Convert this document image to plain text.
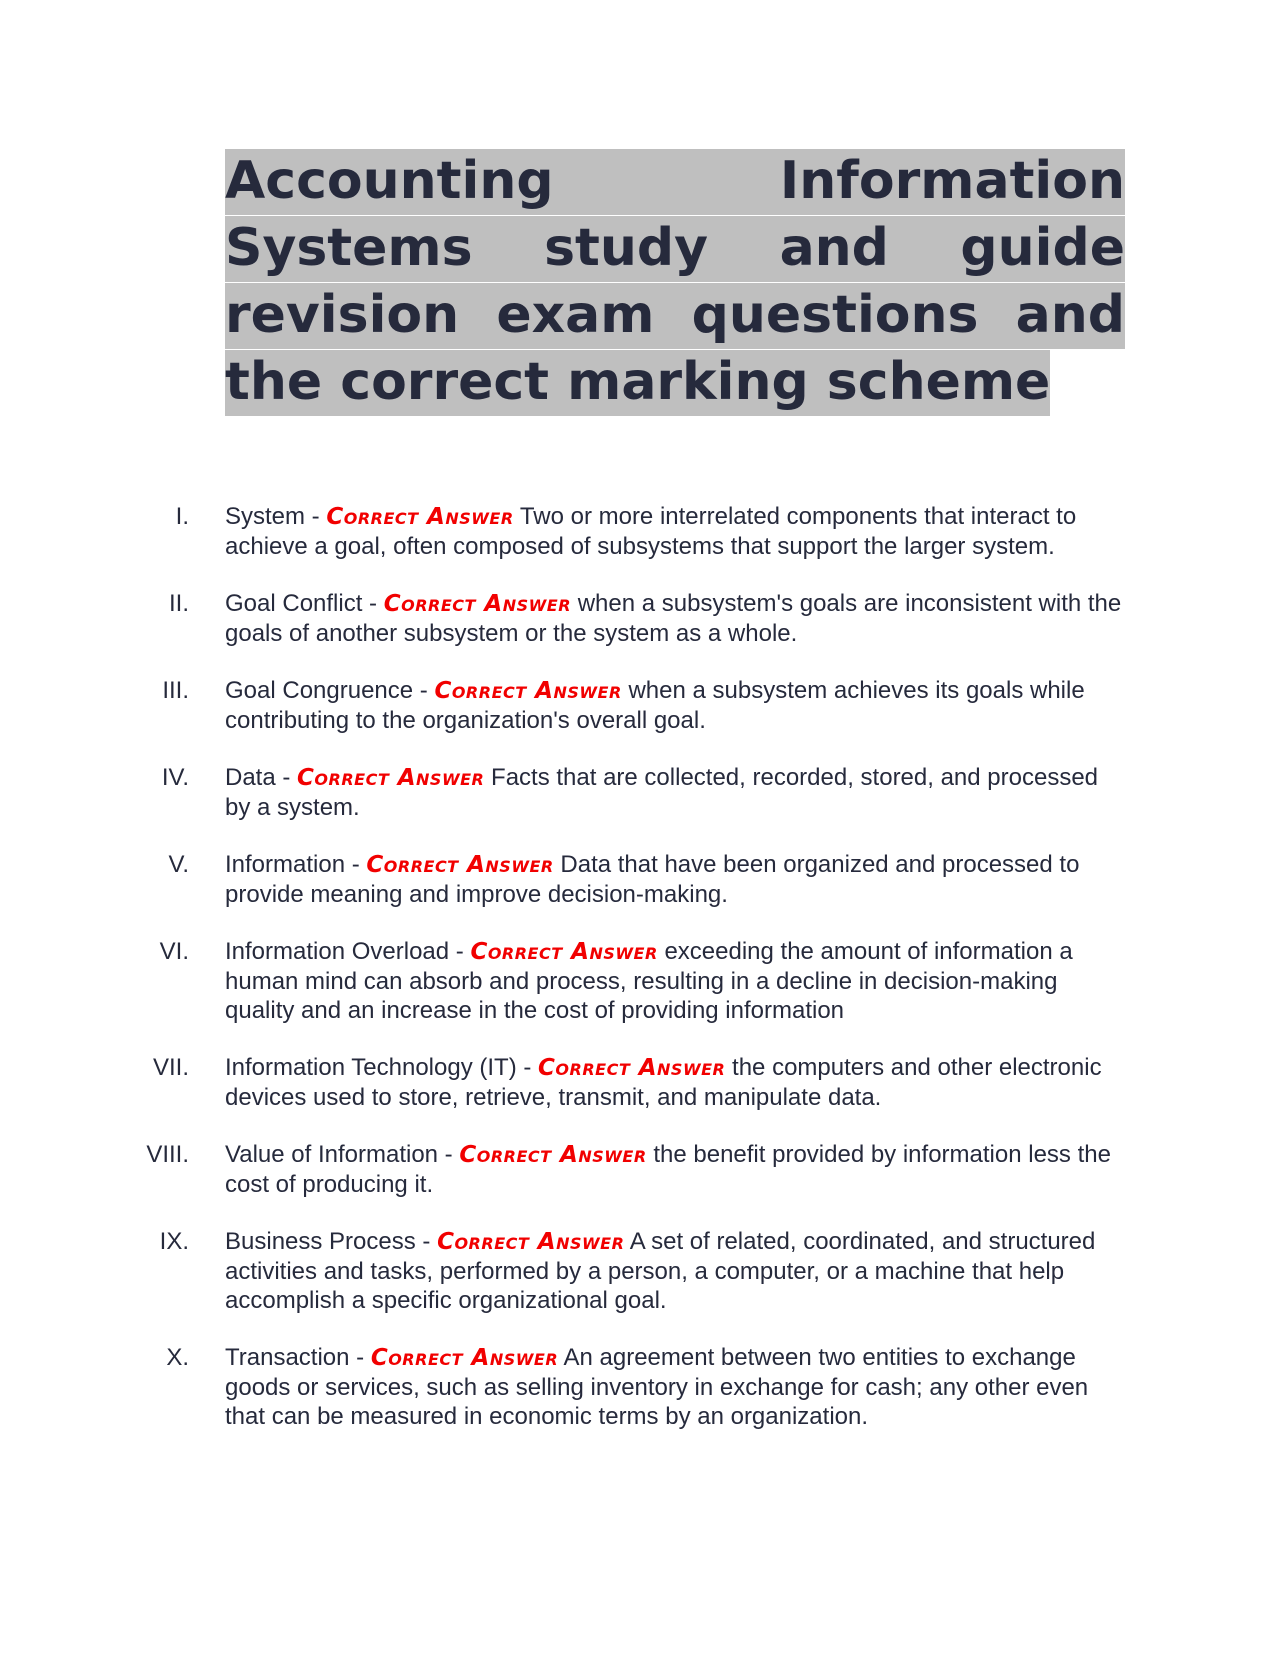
Accounting Information Systems study and guide revision exam questions and the correct marking scheme
I. System - Correct Answer Two or more interrelated components that interact to achieve a goal, often composed of subsystems that support the larger system.
II. Goal Conflict - Correct Answer when a subsystem's goals are inconsistent with the goals of another subsystem or the system as a whole.
III. Goal Congruence - Correct Answer when a subsystem achieves its goals while contributing to the organization's overall goal.
IV. Data - Correct Answer Facts that are collected, recorded, stored, and processed by a system.
V. Information - Correct Answer Data that have been organized and processed to provide meaning and improve decision-making.
VI. Information Overload - Correct Answer exceeding the amount of information a human mind can absorb and process, resulting in a decline in decision-making quality and an increase in the cost of providing information
VII. Information Technology (IT) - Correct Answer the computers and other electronic devices used to store, retrieve, transmit, and manipulate data.
VIII. Value of Information - Correct Answer the benefit provided by information less the cost of producing it.
IX. Business Process - Correct Answer A set of related, coordinated, and structured activities and tasks, performed by a person, a computer, or a machine that help accomplish a specific organizational goal.
X. Transaction - Correct Answer An agreement between two entities to exchange goods or services, such as selling inventory in exchange for cash; any other even that can be measured in economic terms by an organization.
